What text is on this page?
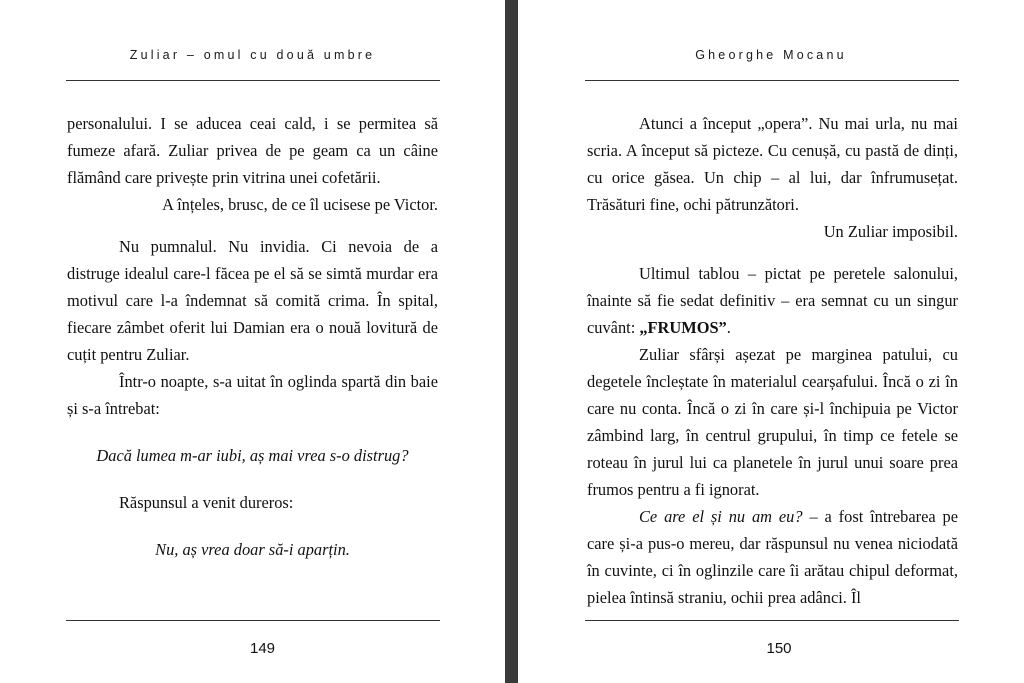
Zuliar – omul cu două umbre

personalului. I se aducea ceai cald, i se permitea să fumeze afară. Zuliar privea de pe geam ca un câine flămând care privește prin vitrina unei cofetării.

A înțeles, brusc, de ce îl ucisese pe Victor.

Nu pumnalul. Nu invidia. Ci nevoia de a distruge idealul care-l făcea pe el să se simtă murdar era motivul care l-a îndemnat să comită crima. În spital, fiecare zâmbet oferit lui Damian era o nouă lovitură de cuțit pentru Zuliar.

Într-o noapte, s-a uitat în oglinda spartă din baie și s-a întrebat:

Dacă lumea m-ar iubi, aș mai vrea s-o distrug?

Răspunsul a venit dureros:

Nu, aș vrea doar să-i aparțin.

149
Gheorghe Mocanu

Atunci a început „opera”. Nu mai urla, nu mai scria. A început să picteze. Cu cenușă, cu pastă de dinți, cu orice găsea. Un chip – al lui, dar înfrumusețat. Trăsături fine, ochi pătrunzători.

Un Zuliar imposibil.

Ultimul tablou – pictat pe peretele salonului, înainte să fie sedat definitiv – era semnat cu un singur cuvânt: „FRUMOS”.

Zuliar sfârși așezat pe marginea patului, cu degetele încleștate în materialul cearșafului. Încă o zi în care nu conta. Încă o zi în care și-l închipuia pe Victor zâmbind larg, în centrul grupului, în timp ce fetele se roteau în jurul lui ca planetele în jurul unui soare prea frumos pentru a fi ignorat.

Ce are el și nu am eu? – a fost întrebarea pe care și-a pus-o mereu, dar răspunsul nu venea niciodată în cuvinte, ci în oglinzile care îi arătau chipul deformat, pielea întinsă straniu, ochii prea adânci. Îl

150
